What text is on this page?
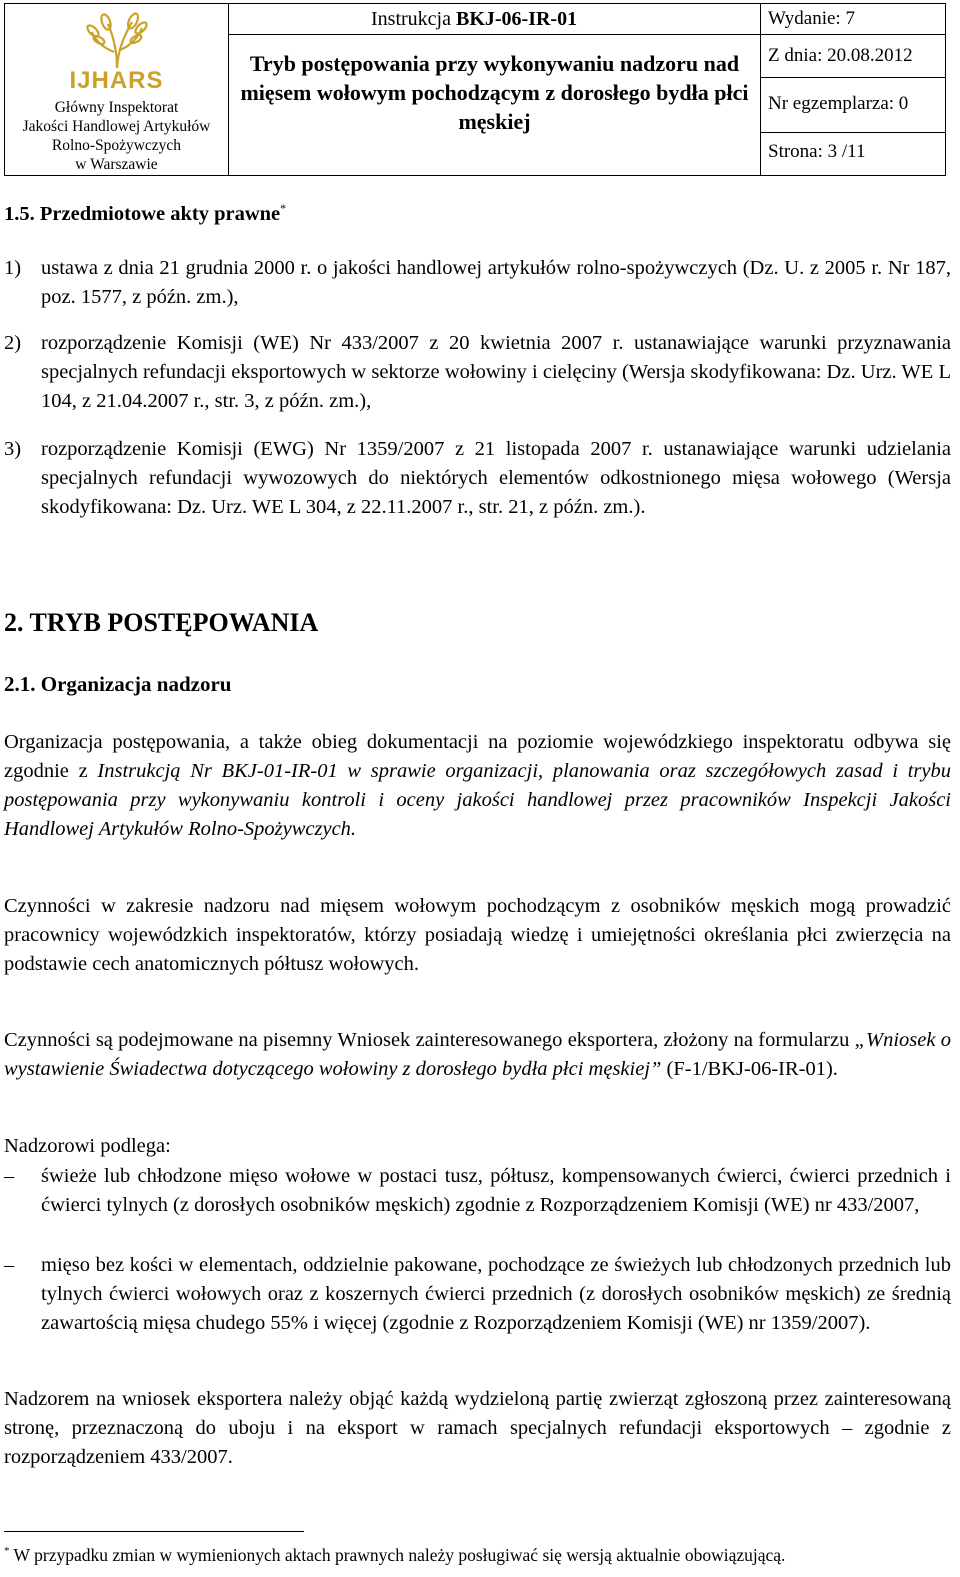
IJHARS
Główny Inspektorat
Jakości Handlowej Artykułów
Rolno-Spożywczych
w Warszawie
Instrukcja BKJ-06-IR-01
Tryb postępowania przy wykonywaniu nadzoru nad mięsem wołowym pochodzącym z dorosłego bydła płci męskiej
Wydanie: 7
Z dnia: 20.08.2012
Nr egzemplarza: 0
Strona: 3 /11
1.5. Przedmiotowe akty prawne*
1) ustawa z dnia 21 grudnia 2000 r. o jakości handlowej artykułów rolno-spożywczych (Dz. U. z 2005 r. Nr 187, poz. 1577, z późn. zm.),
2) rozporządzenie Komisji (WE) Nr 433/2007 z 20 kwietnia 2007 r. ustanawiające warunki przyznawania specjalnych refundacji eksportowych w sektorze wołowiny i cielęciny (Wersja skodyfikowana: Dz. Urz. WE L 104, z 21.04.2007 r., str. 3, z późn. zm.),
3) rozporządzenie Komisji (EWG) Nr 1359/2007 z 21 listopada 2007 r. ustanawiające warunki udzielania specjalnych refundacji wywozowych do niektórych elementów odkostnionego mięsa wołowego (Wersja skodyfikowana: Dz. Urz. WE L 304, z 22.11.2007 r., str. 21, z późn. zm.).
2. TRYB POSTĘPOWANIA
2.1. Organizacja nadzoru
Organizacja postępowania, a także obieg dokumentacji na poziomie wojewódzkiego inspektoratu odbywa się zgodnie z Instrukcją Nr BKJ-01-IR-01 w sprawie organizacji, planowania oraz szczegółowych zasad i trybu postępowania przy wykonywaniu kontroli i oceny jakości handlowej przez pracowników Inspekcji Jakości Handlowej Artykułów Rolno-Spożywczych.
Czynności w zakresie nadzoru nad mięsem wołowym pochodzącym z osobników męskich mogą prowadzić pracownicy wojewódzkich inspektoratów, którzy posiadają wiedzę i umiejętności określania płci zwierzęcia na podstawie cech anatomicznych półtusz wołowych.
Czynności są podejmowane na pisemny Wniosek zainteresowanego eksportera, złożony na formularzu „Wniosek o wystawienie Świadectwa dotyczącego wołowiny z dorosłego bydła płci męskiej” (F-1/BKJ-06-IR-01).
Nadzorowi podlega:
–	świeże lub chłodzone mięso wołowe w postaci tusz, półtusz, kompensowanych ćwierci, ćwierci przednich i ćwierci tylnych (z dorosłych osobników męskich) zgodnie z Rozporządzeniem Komisji (WE) nr 433/2007,
–	mięso bez kości w elementach, oddzielnie pakowane, pochodzące ze świeżych lub chłodzonych przednich lub tylnych ćwierci wołowych oraz z koszernych ćwierci przednich (z dorosłych osobników męskich) ze średnią zawartością mięsa chudego 55% i więcej (zgodnie z Rozporządzeniem Komisji (WE) nr 1359/2007).
Nadzorem na wniosek eksportera należy objąć każdą wydzieloną partię zwierząt zgłoszoną przez zainteresowaną stronę, przeznaczoną do uboju i na eksport w ramach specjalnych refundacji eksportowych – zgodnie z rozporządzeniem 433/2007.
* W przypadku zmian w wymienionych aktach prawnych należy posługiwać się wersją aktualnie obowiązującą.
